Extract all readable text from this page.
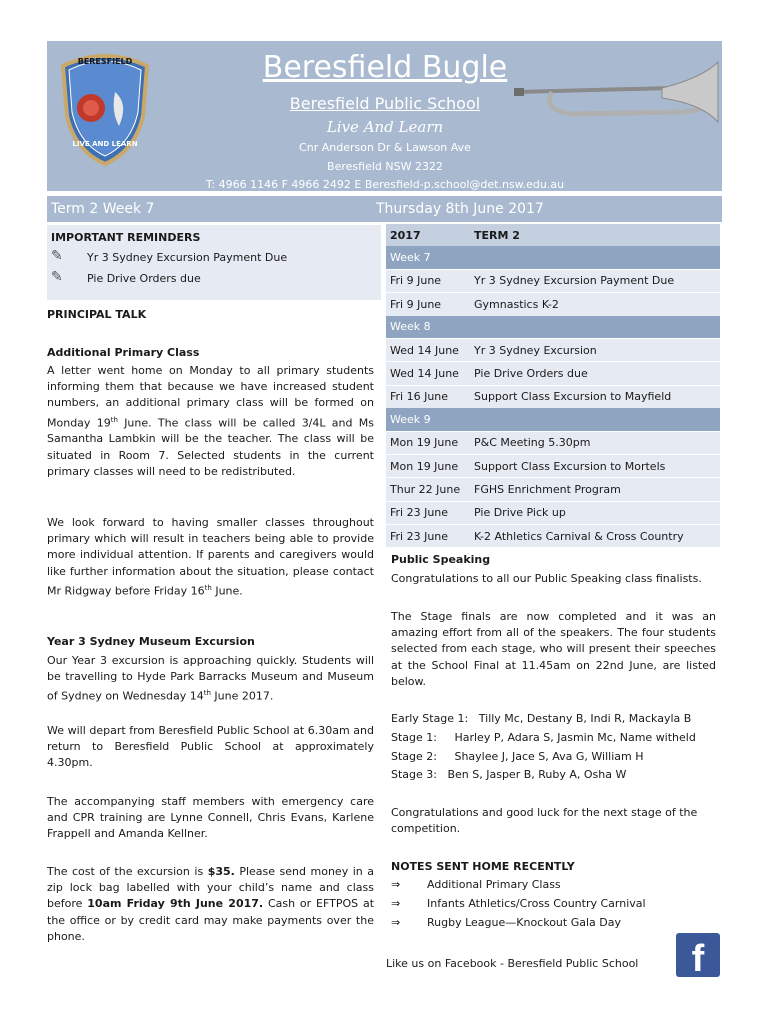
BERESFIELD
LIVE AND LEARN
Beresfield Bugle
Beresfield Public School
Live And Learn
Cnr Anderson Dr & Lawson Ave
Beresfield NSW 2322
T: 4966 1146 F 4966 2492 E Beresfield-p.school@det.nsw.edu.au
Term 2 Week 7	Thursday 8th June 2017
IMPORTANT REMINDERS
✎ Yr 3 Sydney Excursion Payment Due
✎ Pie Drive Orders due
PRINCIPAL TALK
Additional Primary Class

A letter went home on Monday to all primary students informing them that because we have increased student numbers, an additional primary class will be formed on Monday 19th June. The class will be called 3/4L and Ms Samantha Lambkin will be the teacher. The class will be situated in Room 7. Selected students in the current primary classes will need to be redistributed.

We look forward to having smaller classes throughout primary which will result in teachers being able to provide more individual attention. If parents and caregivers would like further information about the situation, please contact Mr Ridgway before Friday 16th June.

Year 3 Sydney Museum Excursion

Our Year 3 excursion is approaching quickly. Students will be travelling to Hyde Park Barracks Museum and Museum of Sydney on Wednesday 14th June 2017.

We will depart from Beresfield Public School at 6.30am and return to Beresfield Public School at approximately 4.30pm.

The accompanying staff members with emergency care and CPR training are Lynne Connell, Chris Evans, Karlene Frappell and Amanda Kellner.

The cost of the excursion is $35. Please send money in a zip lock bag labelled with your child’s name and class before 10am Friday 9th June 2017. Cash or EFTPOS at the office or by credit card may make payments over the phone.

2017	TERM 2
Week 7	
Fri 9 June	Yr 3 Sydney Excursion Payment Due
Fri 9 June	Gymnastics K-2
Week 8	
Wed 14 June	Yr 3 Sydney Excursion
Wed 14 June	Pie Drive Orders due
Fri 16 June	Support Class Excursion to Mayfield
Week 9	
Mon 19 June	P&C Meeting 5.30pm
Mon 19 June	Support Class Excursion to Mortels
Thur 22 June	FGHS Enrichment Program
Fri 23 June	Pie Drive Pick up
Fri 23 June	K-2 Athletics Carnival & Cross Country
Public Speaking
Congratulations to all our Public Speaking class finalists.

The Stage finals are now completed and it was an amazing effort from all of the speakers. The four students selected from each stage, who will present their speeches at the School Final at 11.45am on 22nd June, are listed below.

Early Stage 1:   Tilly Mc, Destany B, Indi R, Mackayla B
Stage 1:     Harley P, Adara S, Jasmin Mc, Name witheld
Stage 2:     Shaylee J, Jace S, Ava G, William H
Stage 3:   Ben S, Jasper B, Ruby A, Osha W

Congratulations and good luck for the next stage of the competition.

NOTES SENT HOME RECENTLY
⇒ Additional Primary Class
⇒ Infants Athletics/Cross Country Carnival
⇒ Rugby League—Knockout Gala Day
Like us on Facebook - Beresfield Public School	f
